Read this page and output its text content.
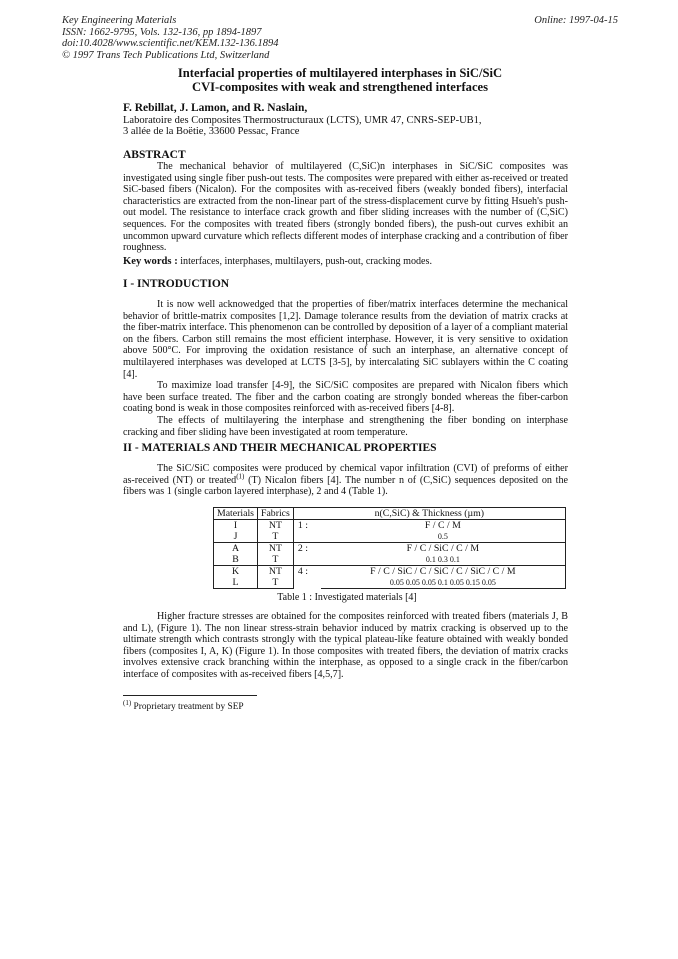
Key Engineering Materials
ISSN: 1662-9795, Vols. 132-136, pp 1894-1897
doi:10.4028/www.scientific.net/KEM.132-136.1894
© 1997 Trans Tech Publications Ltd, Switzerland
Online: 1997-04-15
Interfacial properties of multilayered interphases in SiC/SiC
CVI-composites with weak and strengthened interfaces
F. Rebillat, J. Lamon, and R. Naslain,
Laboratoire des Composites Thermostructuraux (LCTS), UMR 47, CNRS-SEP-UB1,
3 allée de la Boëtie, 33600 Pessac, France
ABSTRACT

The mechanical behavior of multilayered (C,SiC)n interphases in SiC/SiC composites was investigated using single fiber push-out tests. The composites were prepared with either as-received or treated SiC-based fibers (Nicalon). For the composites with as-received fibers (weakly bonded fibers), interfacial characteristics are extracted from the non-linear part of the stress-displacement curve by fitting Hsueh's push-out model. The resistance to interface crack growth and fiber sliding increases with the number of (C,SiC) sequences. For the composites with treated fibers (strongly bonded fibers), the push-out curves exhibit an uncommon upward curvature which reflects different modes of interphase cracking and a contribution of fiber roughness.

Key words : interfaces, interphases, multilayers, push-out, cracking modes.
I - INTRODUCTION

It is now well acknowedged that the properties of fiber/matrix interfaces determine the mechanical behavior of brittle-matrix composites [1,2]. Damage tolerance results from the deviation of matrix cracks at the fiber-matrix interface. This phenomenon can be controlled by deposition of a layer of a compliant material on the fibers. Carbon still remains the most efficient interphase. However, it is very sensitive to oxidation above 500°C. For improving the oxidation resistance of such an interphase, an alternative concept of multilayered interphases was developed at LCTS [3-5], by intercalating SiC sublayers within the C coating [4].

To maximize load transfer [4-9], the SiC/SiC composites are prepared with Nicalon fibers which have been surface treated. The fiber and the carbon coating are strongly bonded whereas the fiber-carbon coating bond is weak in those composites reinforced with as-received fibers [4-8].

The effects of multilayering the interphase and strengthening the fiber bonding on interphase cracking and fiber sliding have been investigated at room temperature.

II - MATERIALS AND THEIR MECHANICAL PROPERTIES

The SiC/SiC composites were produced by chemical vapor infiltration (CVI) of preforms of either as-received (NT) or treated$^{(1)}$ (T) Nicalon fibers [4]. The number n of (C,SiC) sequences deposited on the fibers was 1 (single carbon layered interphase), 2 and 4 (Table 1).

Materials	Fabrics	n(C,SiC) & Thickness (µm)	
I	NT	1 :	F / C / M
J	T		0.5
A	NT	2 :	F / C / SiC / C / M
B	T		0.1 0.3 0.1
K	NT	4 :	F / C / SiC / C / SiC / C / SiC / C / M
L	T		0.05 0.05 0.05 0.1 0.05 0.15 0.05
Table 1 : Investigated materials [4]

Higher fracture stresses are obtained for the composites reinforced with treated fibers (materials J, B and L), (Figure 1). The non linear stress-strain behavior induced by matrix cracking is observed up to the ultimate strength which contrasts strongly with the typical plateau-like feature obtained with weakly bonded fibers (composites I, A, K) (Figure 1). In those composites with treated fibers, the deviation of matrix cracks involves extensive crack branching within the interphase, as opposed to a single crack in the fiber/carbon interface of composites with as-received fibers [4,5,7].

$^{(1)}$ Proprietary treatment by SEP
